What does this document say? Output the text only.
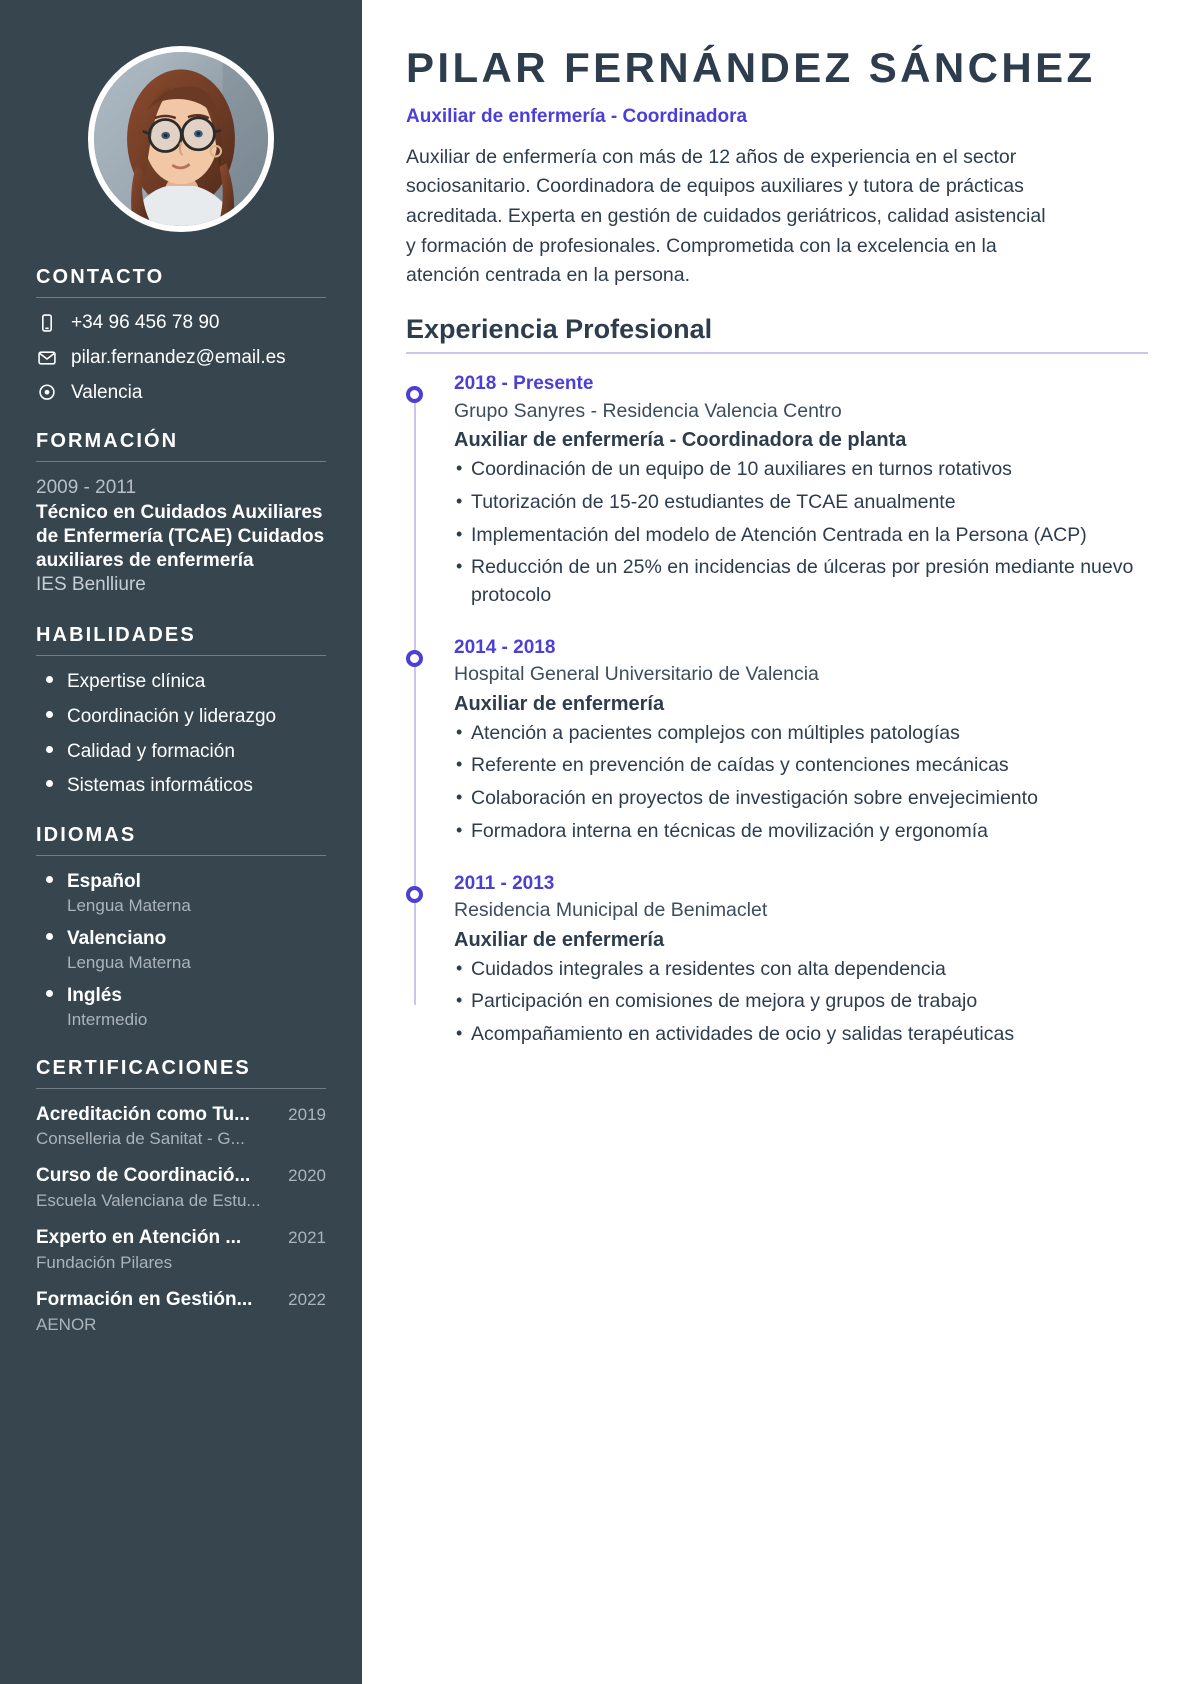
CONTACTO
+34 96 456 78 90
pilar.fernandez@email.es
Valencia
FORMACIÓN
2009 - 2011
Técnico en Cuidados Auxiliares de Enfermería (TCAE) Cuidados auxiliares de enfermería
IES Benlliure
HABILIDADES
Expertise clínica
Coordinación y liderazgo
Calidad y formación
Sistemas informáticos
IDIOMAS
Español
Lengua Materna
Valenciano
Lengua Materna
Inglés
Intermedio
CERTIFICACIONES
Acreditación como Tu... 2019
Conselleria de Sanitat - G...
Curso de Coordinació... 2020
Escuela Valenciana de Estu...
Experto en Atención ...	2021
Fundación Pilares
Formación en Gestión... 2022
AENOR
PILAR FERNÁNDEZ SÁNCHEZ
Auxiliar de enfermería - Coordinadora

Auxiliar de enfermería con más de 12 años de experiencia en el sector sociosanitario. Coordinadora de equipos auxiliares y tutora de prácticas acreditada. Experta en gestión de cuidados geriátricos, calidad asistencial y formación de profesionales. Comprometida con la excelencia en la atención centrada en la persona.

Experiencia Profesional
2018 - Presente
Grupo Sanyres - Residencia Valencia Centro
Auxiliar de enfermería - Coordinadora de planta
• Coordinación de un equipo de 10 auxiliares en turnos rotativos
• Tutorización de 15-20 estudiantes de TCAE anualmente
• Implementación del modelo de Atención Centrada en la Persona (ACP)
• Reducción de un 25% en incidencias de úlceras por presión mediante nuevo protocolo
2014 - 2018
Hospital General Universitario de Valencia
Auxiliar de enfermería
• Atención a pacientes complejos con múltiples patologías
• Referente en prevención de caídas y contenciones mecánicas
• Colaboración en proyectos de investigación sobre envejecimiento
• Formadora interna en técnicas de movilización y ergonomía
2011 - 2013
Residencia Municipal de Benimaclet
Auxiliar de enfermería
• Cuidados integrales a residentes con alta dependencia
• Participación en comisiones de mejora y grupos de trabajo
• Acompañamiento en actividades de ocio y salidas terapéuticas
